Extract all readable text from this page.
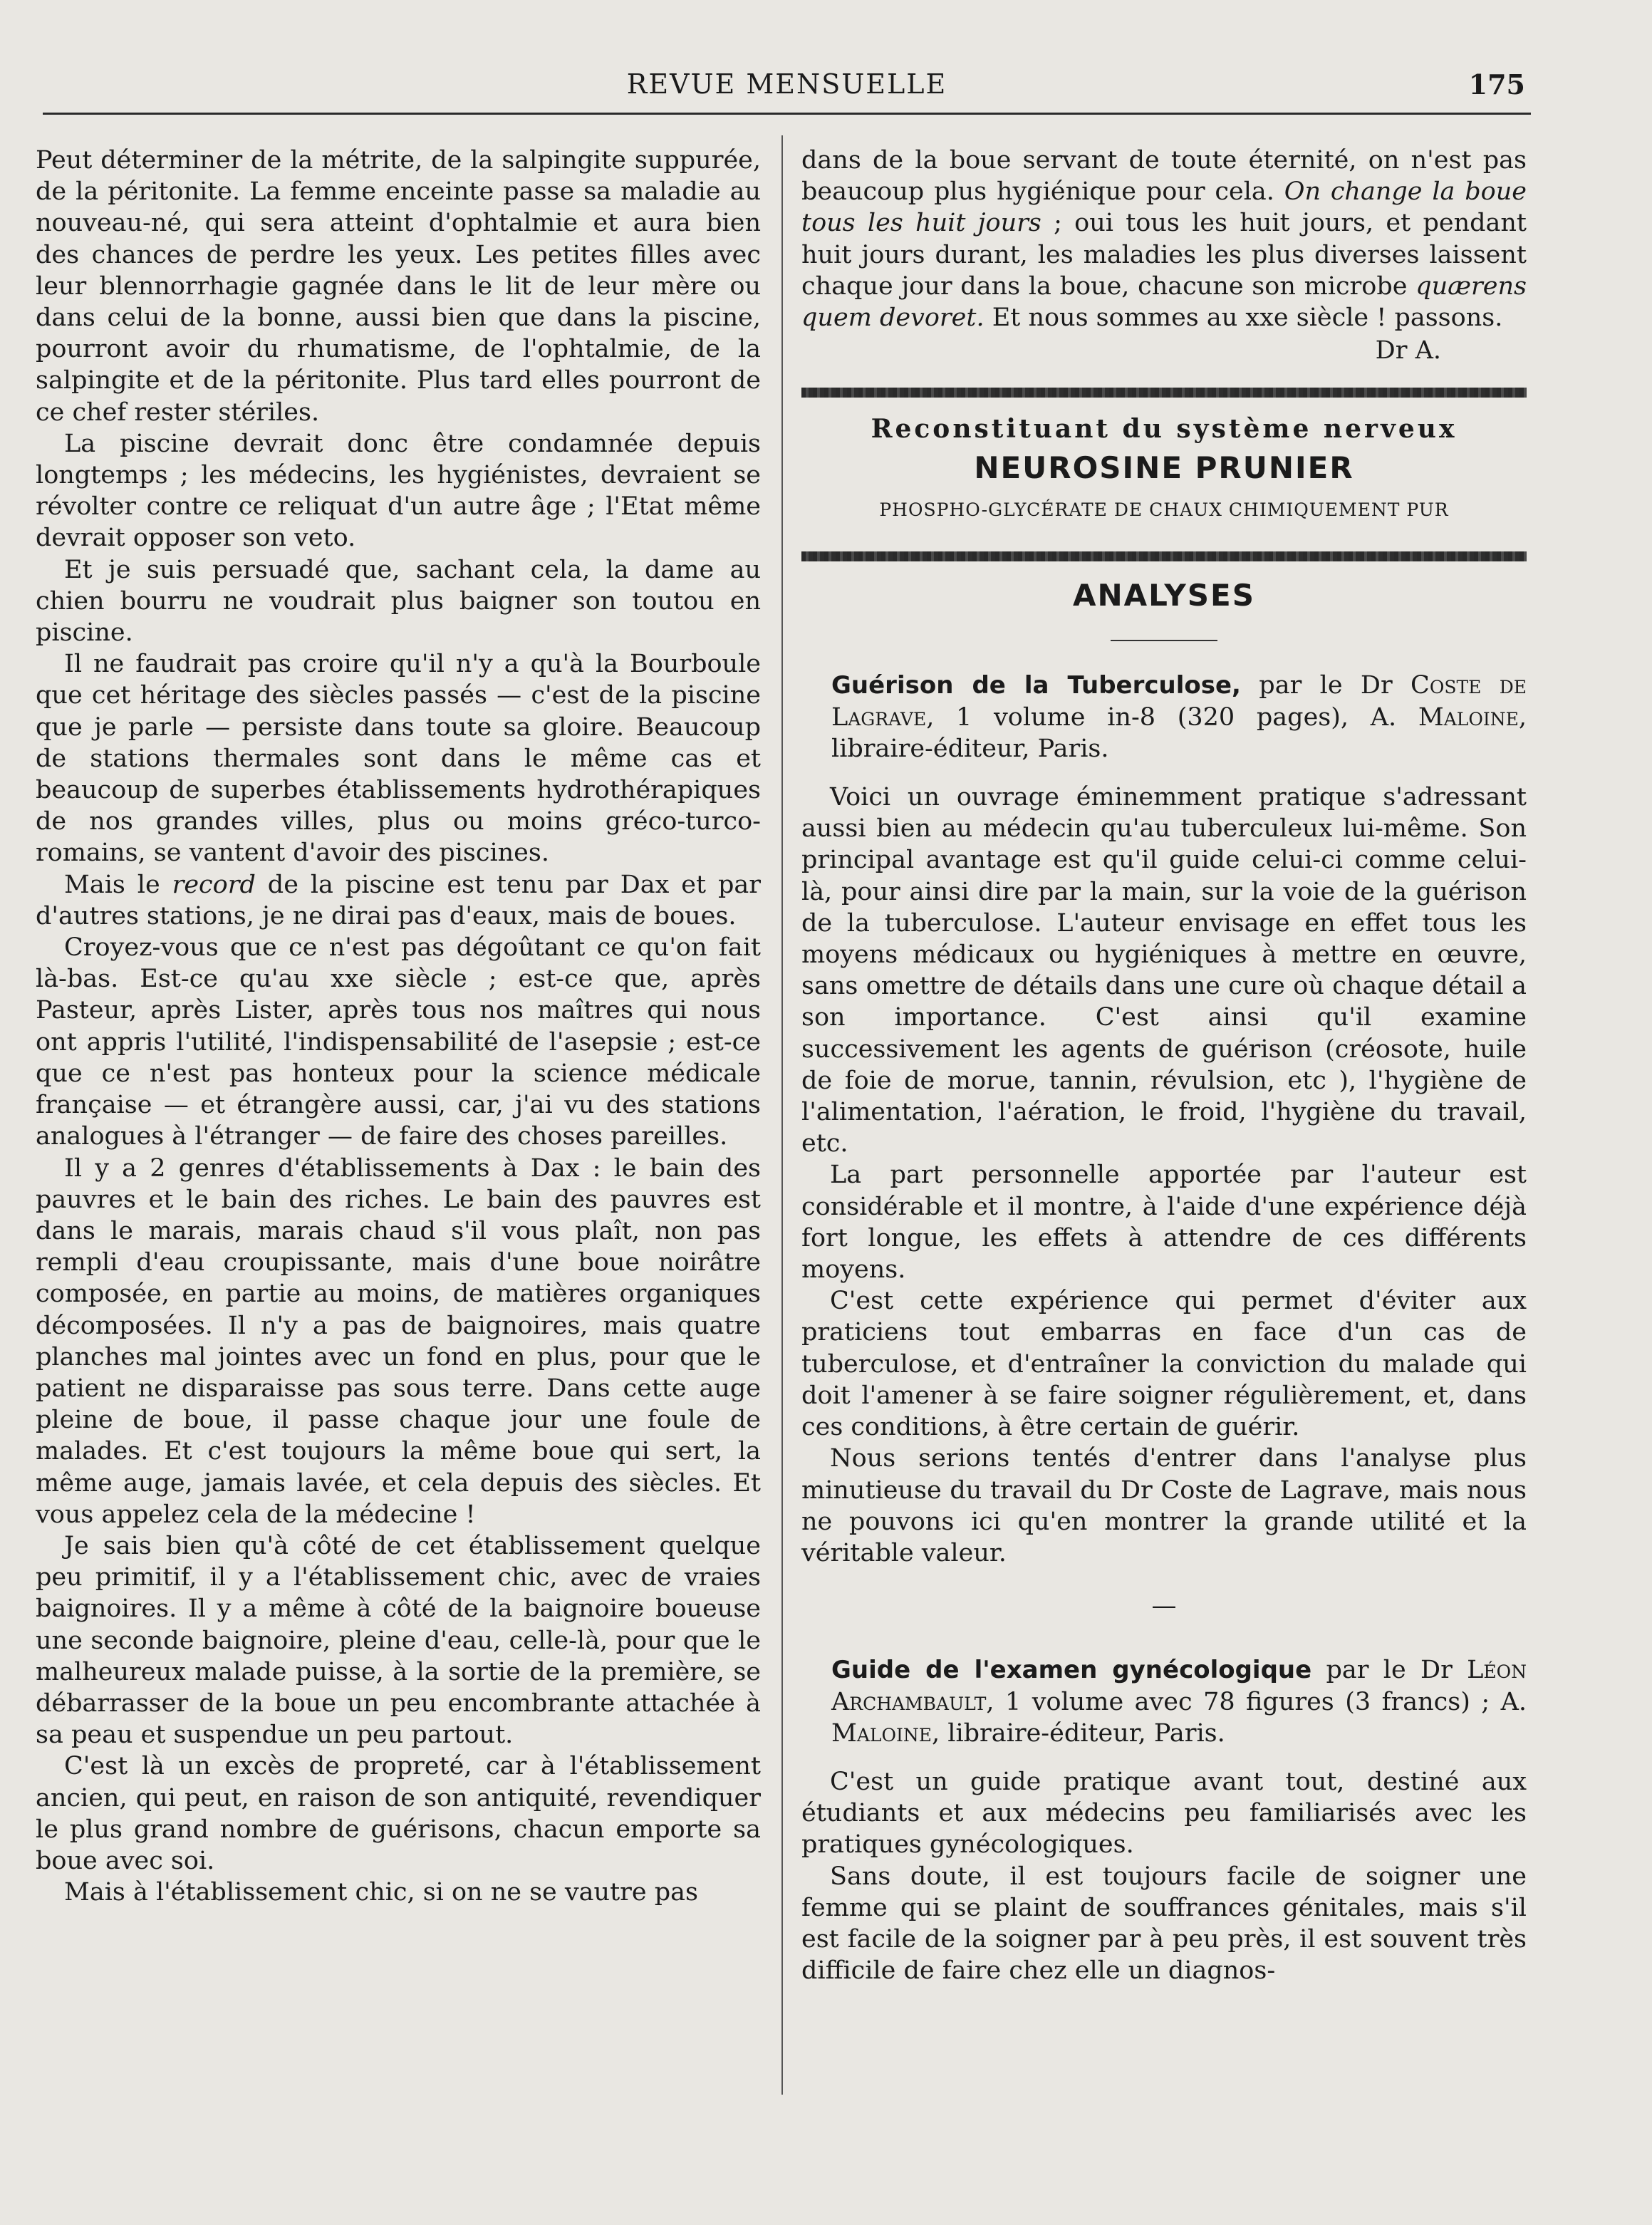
REVUE MENSUELLE	175

Peut déterminer de la métrite, de la salpingite suppurée, de la péritonite. La femme enceinte passe sa maladie au nouveau-né, qui sera atteint d'ophtalmie et aura bien des chances de perdre les yeux. Les petites filles avec leur blennorrhagie gagnée dans le lit de leur mère ou dans celui de la bonne, aussi bien que dans la piscine, pourront avoir du rhumatisme, de l'ophtalmie, de la salpingite et de la péritonite. Plus tard elles pourront de ce chef rester stériles.

La piscine devrait donc être condamnée depuis longtemps ; les médecins, les hygiénistes, devraient se révolter contre ce reliquat d'un autre âge ; l'Etat même devrait opposer son veto.

Et je suis persuadé que, sachant cela, la dame au chien bourru ne voudrait plus baigner son toutou en piscine.

Il ne faudrait pas croire qu'il n'y a qu'à la Bourboule que cet héritage des siècles passés — c'est de la piscine que je parle — persiste dans toute sa gloire. Beaucoup de stations thermales sont dans le même cas et beaucoup de superbes établissements hydrothérapiques de nos grandes villes, plus ou moins gréco-turco-romains, se vantent d'avoir des piscines.

Mais le record de la piscine est tenu par Dax et par d'autres stations, je ne dirai pas d'eaux, mais de boues.

Croyez-vous que ce n'est pas dégoûtant ce qu'on fait là-bas. Est-ce qu'au xxe siècle ; est-ce que, après Pasteur, après Lister, après tous nos maîtres qui nous ont appris l'utilité, l'indispensabilité de l'asepsie ; est-ce que ce n'est pas honteux pour la science médicale française — et étrangère aussi, car, j'ai vu des stations analogues à l'étranger — de faire des choses pareilles.

Il y a 2 genres d'établissements à Dax : le bain des pauvres et le bain des riches. Le bain des pauvres est dans le marais, marais chaud s'il vous plaît, non pas rempli d'eau croupissante, mais d'une boue noirâtre composée, en partie au moins, de matières organiques décomposées. Il n'y a pas de baignoires, mais quatre planches mal jointes avec un fond en plus, pour que le patient ne disparaisse pas sous terre. Dans cette auge pleine de boue, il passe chaque jour une foule de malades. Et c'est toujours la même boue qui sert, la même auge, jamais lavée, et cela depuis des siècles. Et vous appelez cela de la médecine !

Je sais bien qu'à côté de cet établissement quelque peu primitif, il y a l'établissement chic, avec de vraies baignoires. Il y a même à côté de la baignoire boueuse une seconde baignoire, pleine d'eau, celle-là, pour que le malheureux malade puisse, à la sortie de la première, se débarrasser de la boue un peu encombrante attachée à sa peau et suspendue un peu partout.

C'est là un excès de propreté, car à l'établissement ancien, qui peut, en raison de son antiquité, revendiquer le plus grand nombre de guérisons, chacun emporte sa boue avec soi.

Mais à l'établissement chic, si on ne se vautre pas

dans de la boue servant de toute éternité, on n'est pas beaucoup plus hygiénique pour cela. On change la boue tous les huit jours ; oui tous les huit jours, et pendant huit jours durant, les maladies les plus diverses laissent chaque jour dans la boue, chacune son microbe quærens quem devoret. Et nous sommes au xxe siècle ! passons.

Dr A.
Reconstituant du système nerveux
NEUROSINE PRUNIER
PHOSPHO-GLYCÉRATE DE CHAUX CHIMIQUEMENT PUR
ANALYSES

Guérison de la Tuberculose, par le Dr Coste de Lagrave, 1 volume in-8 (320 pages), A. Maloine, libraire-éditeur, Paris.

Voici un ouvrage éminemment pratique s'adressant aussi bien au médecin qu'au tuberculeux lui-même. Son principal avantage est qu'il guide celui-ci comme celui-là, pour ainsi dire par la main, sur la voie de la guérison de la tuberculose. L'auteur envisage en effet tous les moyens médicaux ou hygiéniques à mettre en œuvre, sans omettre de détails dans une cure où chaque détail a son importance. C'est ainsi qu'il examine successivement les agents de guérison (créosote, huile de foie de morue, tannin, révulsion, etc ), l'hygiène de l'alimentation, l'aération, le froid, l'hygiène du travail, etc.

La part personnelle apportée par l'auteur est considérable et il montre, à l'aide d'une expérience déjà fort longue, les effets à attendre de ces différents moyens.

C'est cette expérience qui permet d'éviter aux praticiens tout embarras en face d'un cas de tuberculose, et d'entraîner la conviction du malade qui doit l'amener à se faire soigner régulièrement, et, dans ces conditions, à être certain de guérir.

Nous serions tentés d'entrer dans l'analyse plus minutieuse du travail du Dr Coste de Lagrave, mais nous ne pouvons ici qu'en montrer la grande utilité et la véritable valeur.

—

Guide de l'examen gynécologique par le Dr Léon Archambault, 1 volume avec 78 figures (3 francs) ; A. Maloine, libraire-éditeur, Paris.

C'est un guide pratique avant tout, destiné aux étudiants et aux médecins peu familiarisés avec les pratiques gynécologiques.

Sans doute, il est toujours facile de soigner une femme qui se plaint de souffrances génitales, mais s'il est facile de la soigner par à peu près, il est souvent très difficile de faire chez elle un diagnos-
